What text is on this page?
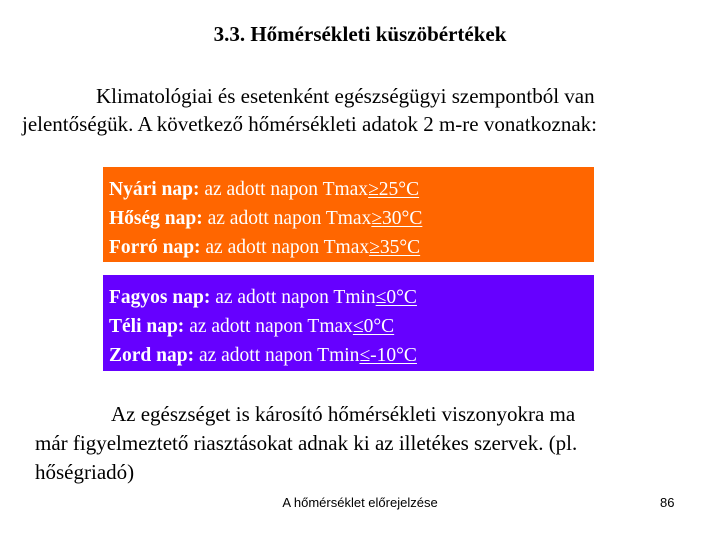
3.3. Hőmérsékleti küszöbértékek
Klimatológiai és esetenként egészségügyi szempontból van
jelentőségük. A következő hőmérsékleti adatok 2 m-re vonatkoznak:
Nyári nap: az adott napon Tmax≥25°C
Hőség nap: az adott napon Tmax≥30°C
Forró nap: az adott napon Tmax≥35°C
Fagyos nap: az adott napon Tmin≤0°C
Téli nap: az adott napon Tmax≤0°C
Zord nap: az adott napon Tmin≤-10°C
Az egészséget is károsító hőmérsékleti viszonyokra ma
már figyelmeztető riasztásokat adnak ki az illetékes szervek. (pl.
hőségriadó)
A hőmérséklet előrejelzése	86
